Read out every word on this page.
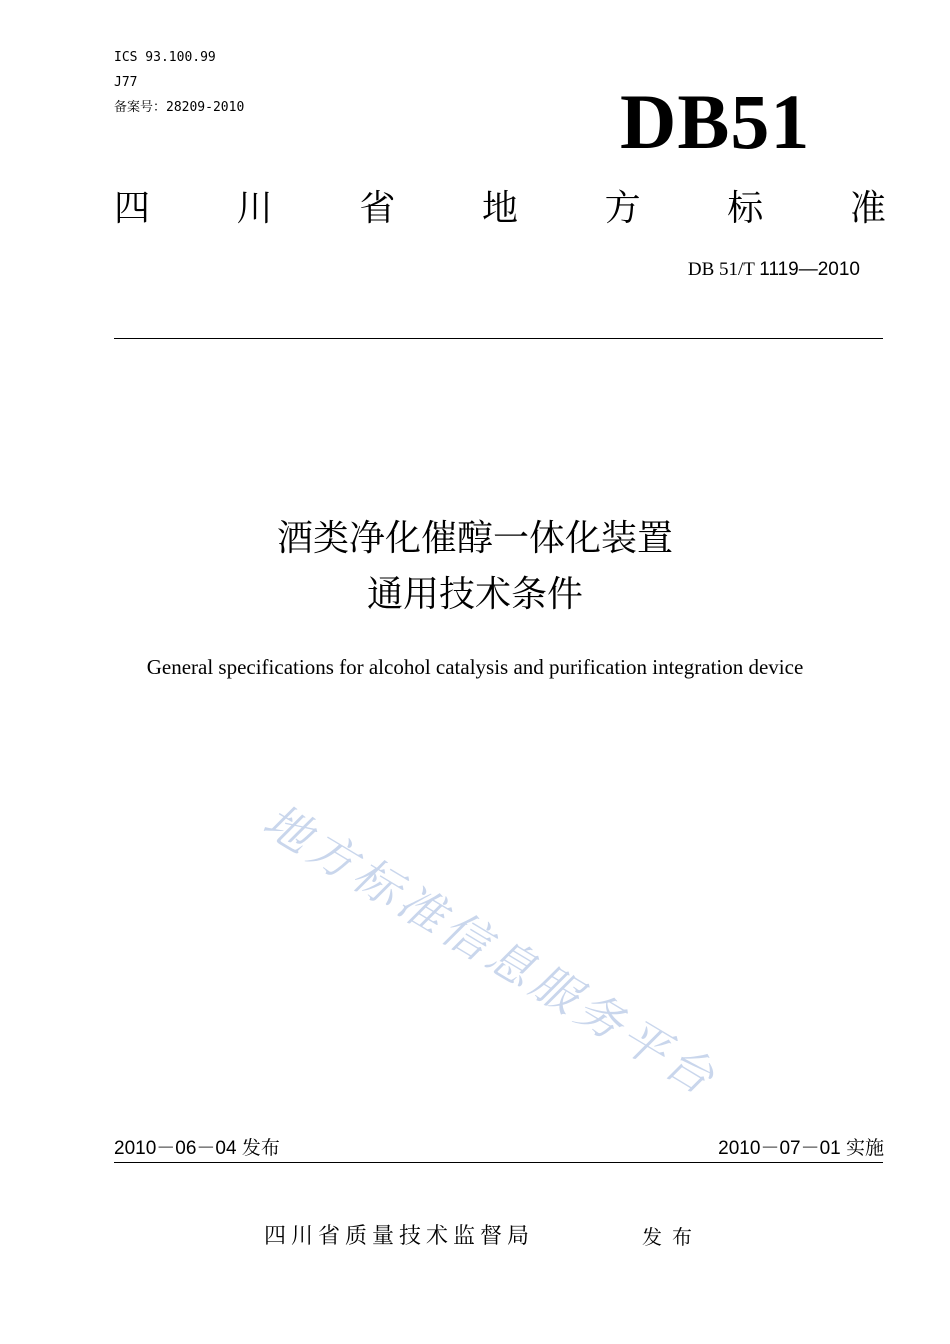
ICS 93.100.99
J77
备案号：28209-2010	DB51
四 川 省 地 方 标 准
DB 51/T 1119—2010
酒类净化催醇一体化装置
通用技术条件
General specifications for alcohol catalysis and purification integration device
地方标准信息服务平台
2010－06－04 发布	2010－07－01 实施
四川省质量技术监督局	发布
